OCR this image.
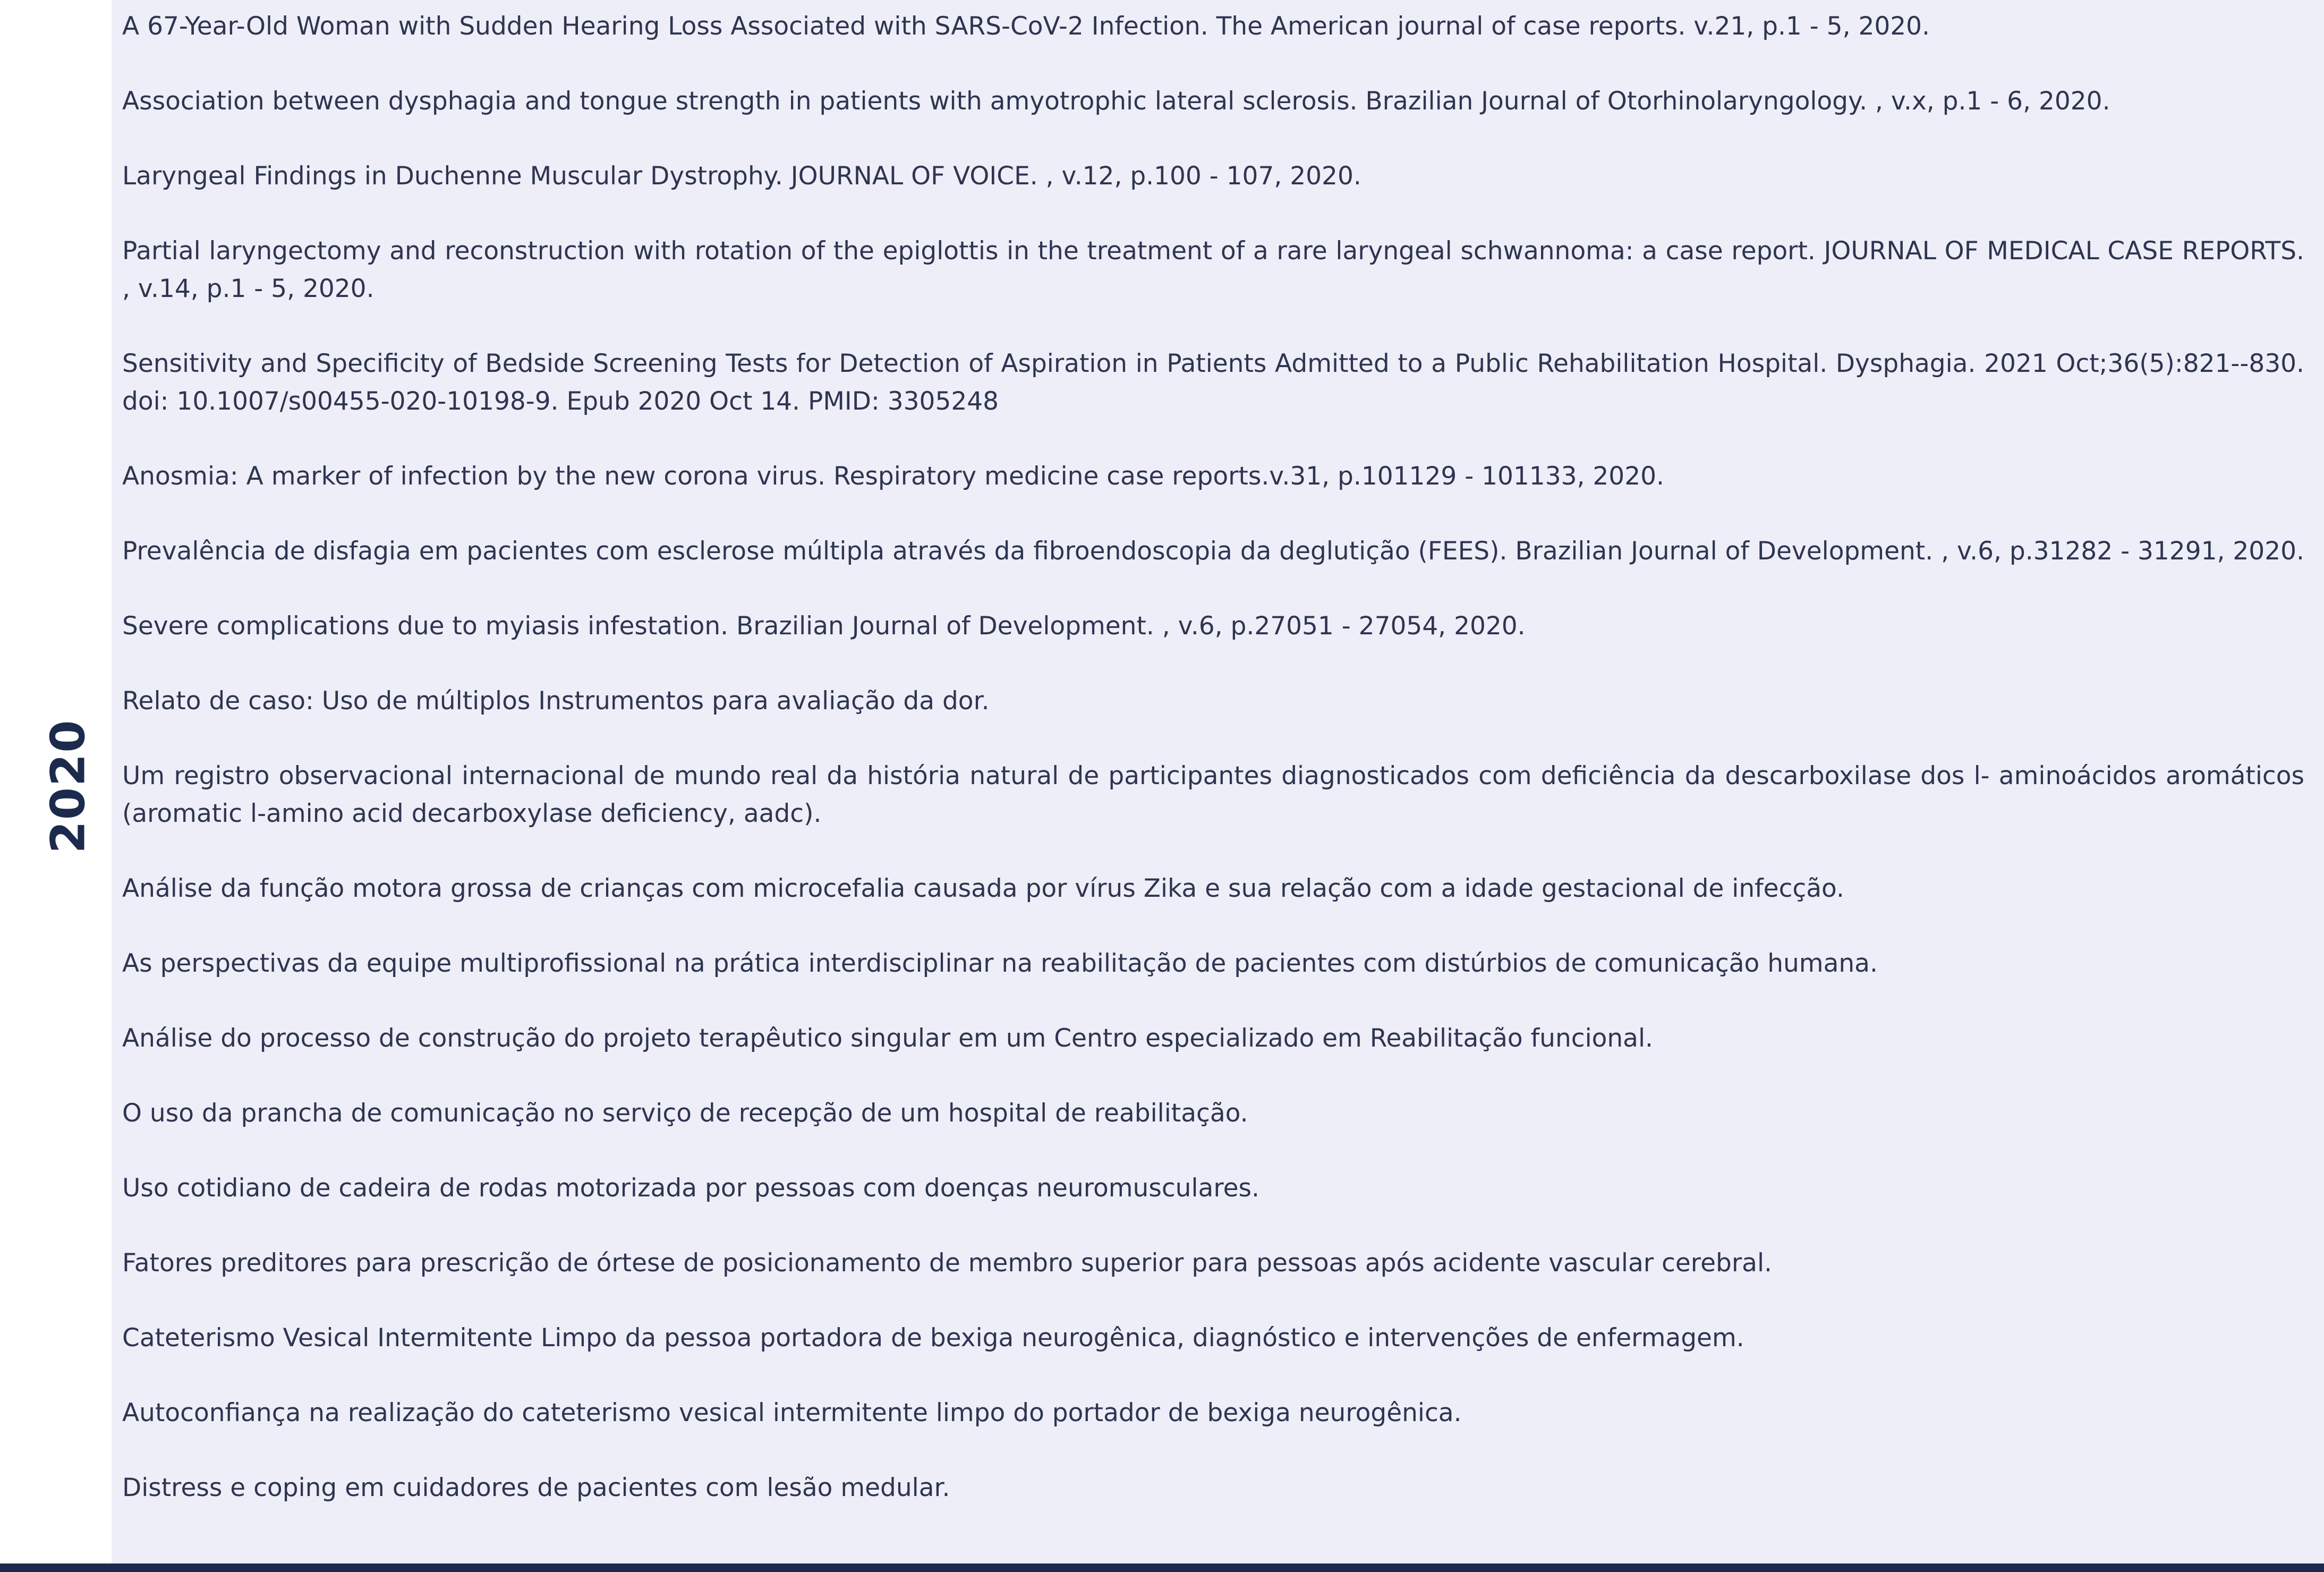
2020
A 67-Year-Old Woman with Sudden Hearing Loss Associated with SARS-CoV-2 Infection. The American journal of case reports. v.21, p.1 - 5, 2020.
Association between dysphagia and tongue strength in patients with amyotrophic lateral sclerosis. Brazilian Journal of Otorhinolaryngology. , v.x, p.1 - 6, 2020.
Laryngeal Findings in Duchenne Muscular Dystrophy. JOURNAL OF VOICE. , v.12, p.100 - 107, 2020.
Partial laryngectomy and reconstruction with rotation of the epiglottis in the treatment of a rare laryngeal schwannoma: a case report. JOURNAL OF MEDICAL CASE REPORTS. , v.14, p.1 - 5, 2020.
Sensitivity and Specificity of Bedside Screening Tests for Detection of Aspiration in Patients Admitted to a Public Rehabilitation Hospital. Dysphagia. 2021 Oct;36(5):821--830. doi: 10.1007/s00455-020-10198-9. Epub 2020 Oct 14. PMID: 3305248
Anosmia: A marker of infection by the new corona virus. Respiratory medicine case reports.v.31, p.101129 - 101133, 2020.
Prevalência de disfagia em pacientes com esclerose múltipla através da fibroendoscopia da deglutição (FEES). Brazilian Journal of Development. , v.6, p.31282 - 31291, 2020.
Severe complications due to myiasis infestation. Brazilian Journal of Development. , v.6, p.27051 - 27054, 2020.
Relato de caso: Uso de múltiplos Instrumentos para avaliação da dor.
Um registro observacional internacional de mundo real da história natural de participantes diagnosticados com deficiência da descarboxilase dos l- aminoácidos aromáticos (aromatic l-amino acid decarboxylase deficiency, aadc).
Análise da função motora grossa de crianças com microcefalia causada por vírus Zika e sua relação com a idade gestacional de infecção.
As perspectivas da equipe multiprofissional na prática interdisciplinar na reabilitação de pacientes com distúrbios de comunicação humana.
Análise do processo de construção do projeto terapêutico singular em um Centro especializado em Reabilitação funcional.
O uso da prancha de comunicação no serviço de recepção de um hospital de reabilitação.
Uso cotidiano de cadeira de rodas motorizada por pessoas com doenças neuromusculares.
Fatores preditores para prescrição de órtese de posicionamento de membro superior para pessoas após acidente vascular cerebral.
Cateterismo Vesical Intermitente Limpo da pessoa portadora de bexiga neurogênica, diagnóstico e intervenções de enfermagem.
Autoconfiança na realização do cateterismo vesical intermitente limpo do portador de bexiga neurogênica.
Distress e coping em cuidadores de pacientes com lesão medular.
